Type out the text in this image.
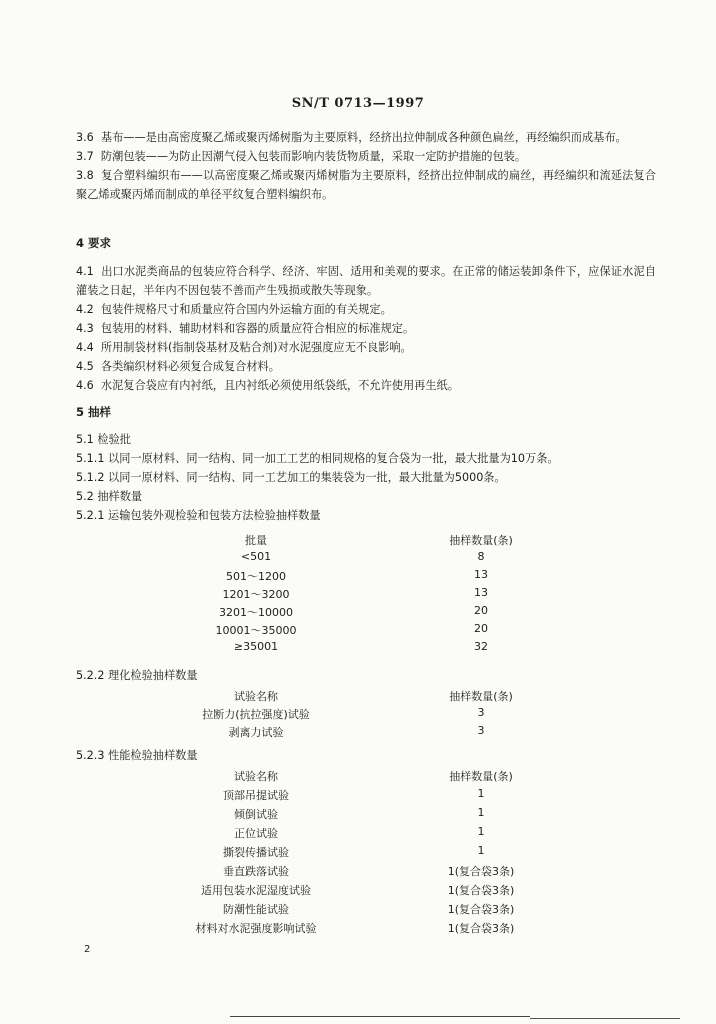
SN/T 0713—1997

3.6 基布——是由高密度聚乙烯或聚丙烯树脂为主要原料，经挤出拉伸制成各种颜色扁丝，再经编织而成基布。

3.7 防潮包装——为防止因潮气侵入包装而影响内装货物质量，采取一定防护措施的包装。

3.8 复合塑料编织布——以高密度聚乙烯或聚丙烯树脂为主要原料，经挤出拉伸制成的扁丝，再经编织和流延法复合聚乙烯或聚丙烯而制成的单径平纹复合塑料编织布。

4 要求

4.1 出口水泥类商品的包装应符合科学、经济、牢固、适用和美观的要求。在正常的储运装卸条件下，应保证水泥自灌装之日起，半年内不因包装不善而产生残损或散失等现象。

4.2 包装件规格尺寸和质量应符合国内外运输方面的有关规定。

4.3 包装用的材料、辅助材料和容器的质量应符合相应的标准规定。

4.4 所用制袋材料(指制袋基材及粘合剂)对水泥强度应无不良影响。

4.5 各类编织材料必须复合成复合材料。

4.6 水泥复合袋应有内衬纸，且内衬纸必须使用纸袋纸，不允许使用再生纸。

5 抽样

5.1 检验批

5.1.1 以同一原材料、同一结构、同一加工工艺的相同规格的复合袋为一批，最大批量为10万条。

5.1.2 以同一原材料、同一结构、同一工艺加工的集装袋为一批，最大批量为5000条。

5.2 抽样数量

5.2.1 运输包装外观检验和包装方法检验抽样数量

批量	抽样数量(条)
<501	8
501～1200	13
1201～3200	13
3201～10000	20
10001～35000	20
≥35001	32

5.2.2 理化检验抽样数量

试验名称	抽样数量(条)
拉断力(抗拉强度)试验	3
剥离力试验	3

5.2.3 性能检验抽样数量

试验名称	抽样数量(条)
顶部吊提试验	1
倾倒试验	1
正位试验	1
撕裂传播试验	1
垂直跌落试验	1(复合袋3条)
适用包装水泥湿度试验	1(复合袋3条)
防潮性能试验	1(复合袋3条)
材料对水泥强度影响试验	1(复合袋3条)
2
